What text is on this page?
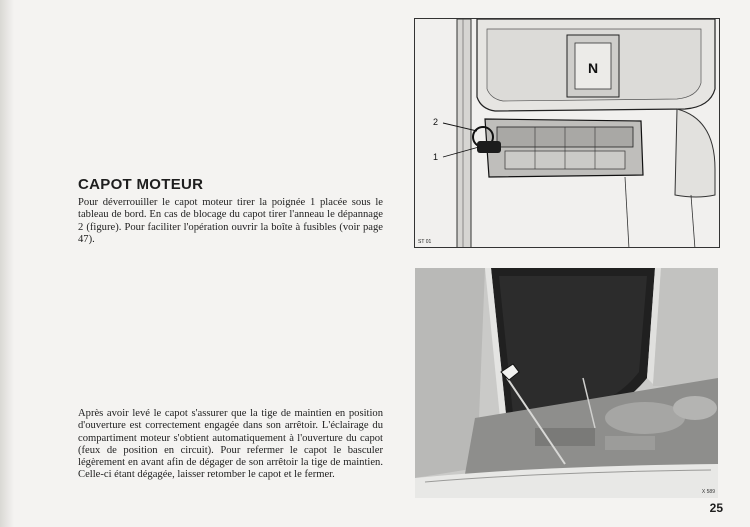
CAPOT MOTEUR

Pour déverrouiller le capot moteur tirer la poignée 1 placée sous le tableau de bord. En cas de blocage du capot tirer l'anneau le dépannage 2 (figure). Pour faciliter l'opération ouvrir la boîte à fusibles (voir page 47).

Après avoir levé le capot s'assurer que la tige de maintien en position d'ouverture est correctement engagée dans son arrêtoir. L'éclairage du compartiment moteur s'obtient automatiquement à l'ouverture du capot (feux de position en circuit). Pour refermer le capot le basculer légèrement en avant afin de dégager de son arrêtoir la tige de maintien. Celle-ci étant dégagée, laisser retomber le capot et le fermer.

N
2
1
ST 01
X 589
25
